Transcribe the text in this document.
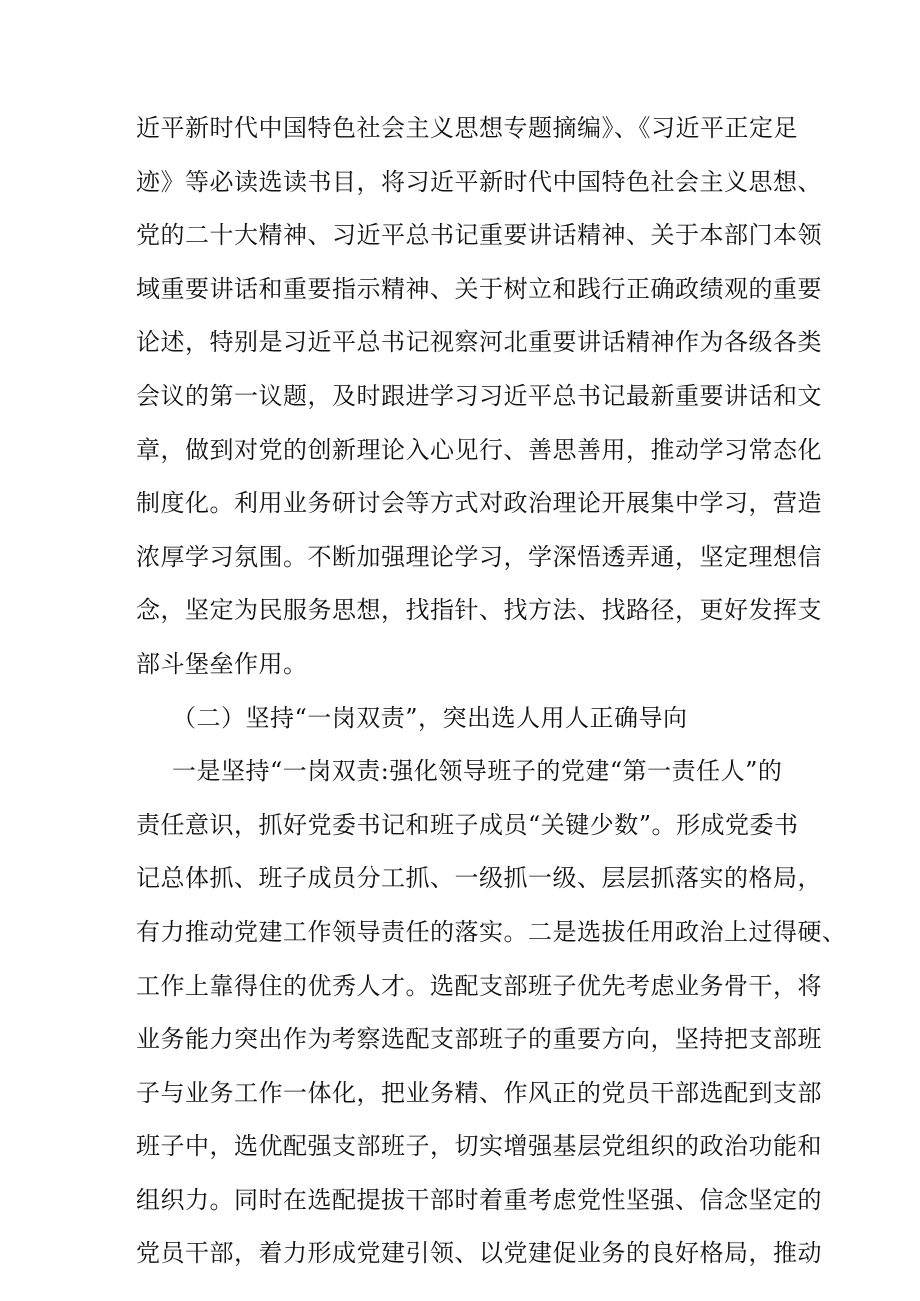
近平新时代中国特色社会主义思想专题摘编》、《习近平正定足
迹》等必读选读书目，将习近平新时代中国特色社会主义思想、
党的二十大精神、习近平总书记重要讲话精神、关于本部门本领
域重要讲话和重要指示精神、关于树立和践行正确政绩观的重要
论述，特别是习近平总书记视察河北重要讲话精神作为各级各类
会议的第一议题，及时跟进学习习近平总书记最新重要讲话和文
章，做到对党的创新理论入心见行、善思善用，推动学习常态化
制度化。利用业务研讨会等方式对政治理论开展集中学习，营造
浓厚学习氛围。不断加强理论学习，学深悟透弄通，坚定理想信
念，坚定为民服务思想，找指针、找方法、找路径，更好发挥支
部斗堡垒作用。
（二）坚持“一岗双责”，突出选人用人正确导向
一是坚持“一岗双责:强化领导班子的党建“第一责任人”的
责任意识，抓好党委书记和班子成员“关键少数”。形成党委书
记总体抓、班子成员分工抓、一级抓一级、层层抓落实的格局，
有力推动党建工作领导责任的落实。二是选拔任用政治上过得硬、
工作上靠得住的优秀人才。选配支部班子优先考虑业务骨干，将
业务能力突出作为考察选配支部班子的重要方向，坚持把支部班
子与业务工作一体化，把业务精、作风正的党员干部选配到支部
班子中，选优配强支部班子，切实增强基层党组织的政治功能和
组织力。同时在选配提拔干部时着重考虑党性坚强、信念坚定的
党员干部，着力形成党建引领、以党建促业务的良好格局，推动
